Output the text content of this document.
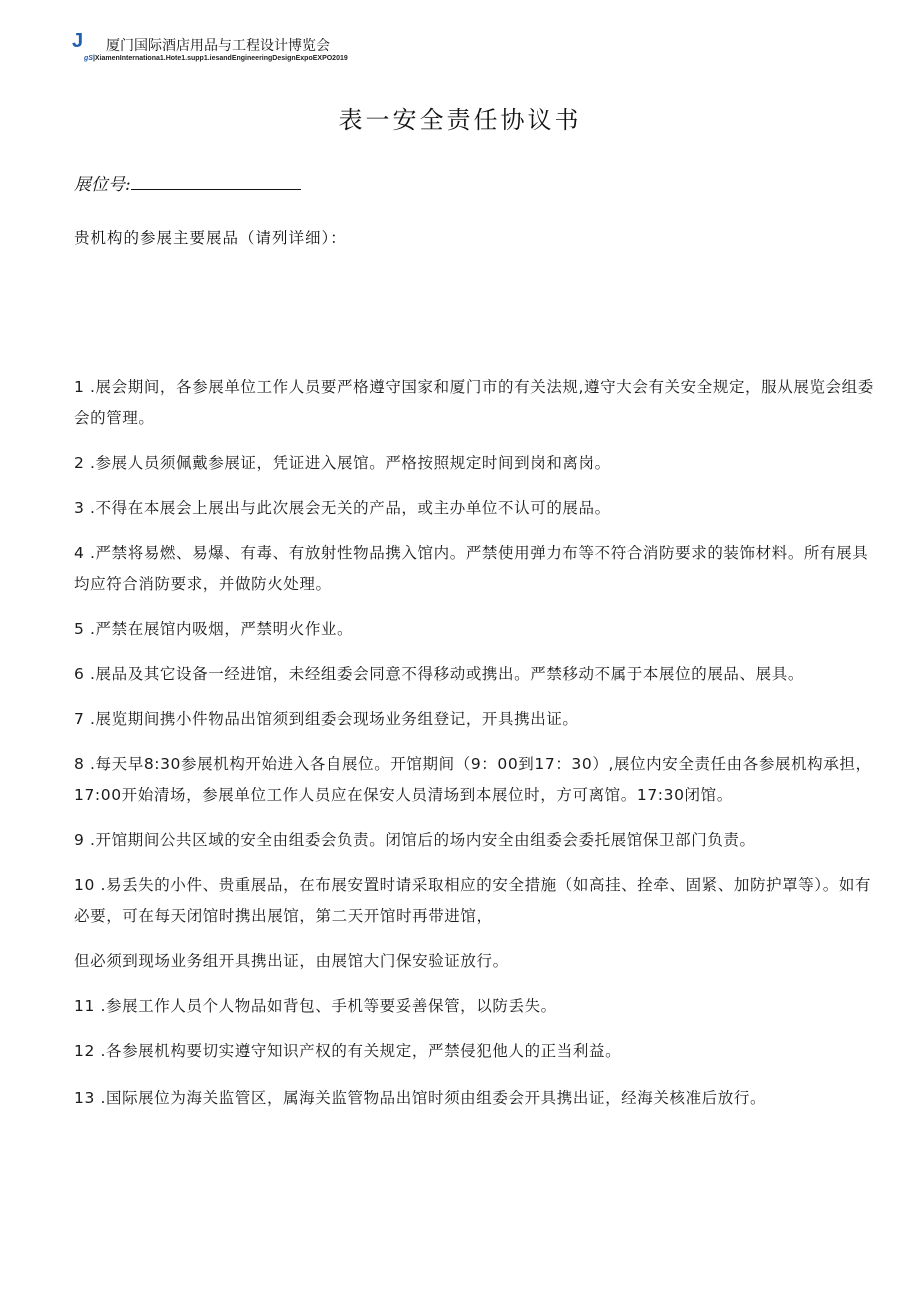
J 厦门国际酒店用品与工程设计博览会
gS|XiamenInternationa1.Hote1.supp1.iesandEngineeringDesignExpoEXPO2019
表一安全责任协议书
展位号:
贵机构的参展主要展品（请列详细）：
1 .展会期间，各参展单位工作人员要严格遵守国家和厦门市的有关法规,遵守大会有关安全规定，服从展览会组委会的管理。
2 .参展人员须佩戴参展证，凭证进入展馆。严格按照规定时间到岗和离岗。
3 .不得在本展会上展出与此次展会无关的产品，或主办单位不认可的展品。
4 .严禁将易燃、易爆、有毒、有放射性物品携入馆内。严禁使用弹力布等不符合消防要求的装饰材料。所有展具均应符合消防要求，并做防火处理。
5 .严禁在展馆内吸烟，严禁明火作业。
6 .展品及其它设备一经进馆，未经组委会同意不得移动或携出。严禁移动不属于本展位的展品、展具。
7 .展览期间携小件物品出馆须到组委会现场业务组登记，开具携出证。
8 .每天早8:30参展机构开始进入各自展位。开馆期间（9：00到17：30）,展位内安全责任由各参展机构承担，17:00开始清场，参展单位工作人员应在保安人员清场到本展位时，方可离馆。17:30闭馆。
9 .开馆期间公共区域的安全由组委会负责。闭馆后的场内安全由组委会委托展馆保卫部门负责。
10 .易丢失的小件、贵重展品，在布展安置时请采取相应的安全措施（如高挂、拴牵、固紧、加防护罩等）。如有必要，可在每天闭馆时携出展馆，第二天开馆时再带进馆，
但必须到现场业务组开具携出证，由展馆大门保安验证放行。
11 .参展工作人员个人物品如背包、手机等要妥善保管，以防丢失。
12 .各参展机构要切实遵守知识产权的有关规定，严禁侵犯他人的正当利益。
13 .国际展位为海关监管区，属海关监管物品出馆时须由组委会开具携出证，经海关核准后放行。
